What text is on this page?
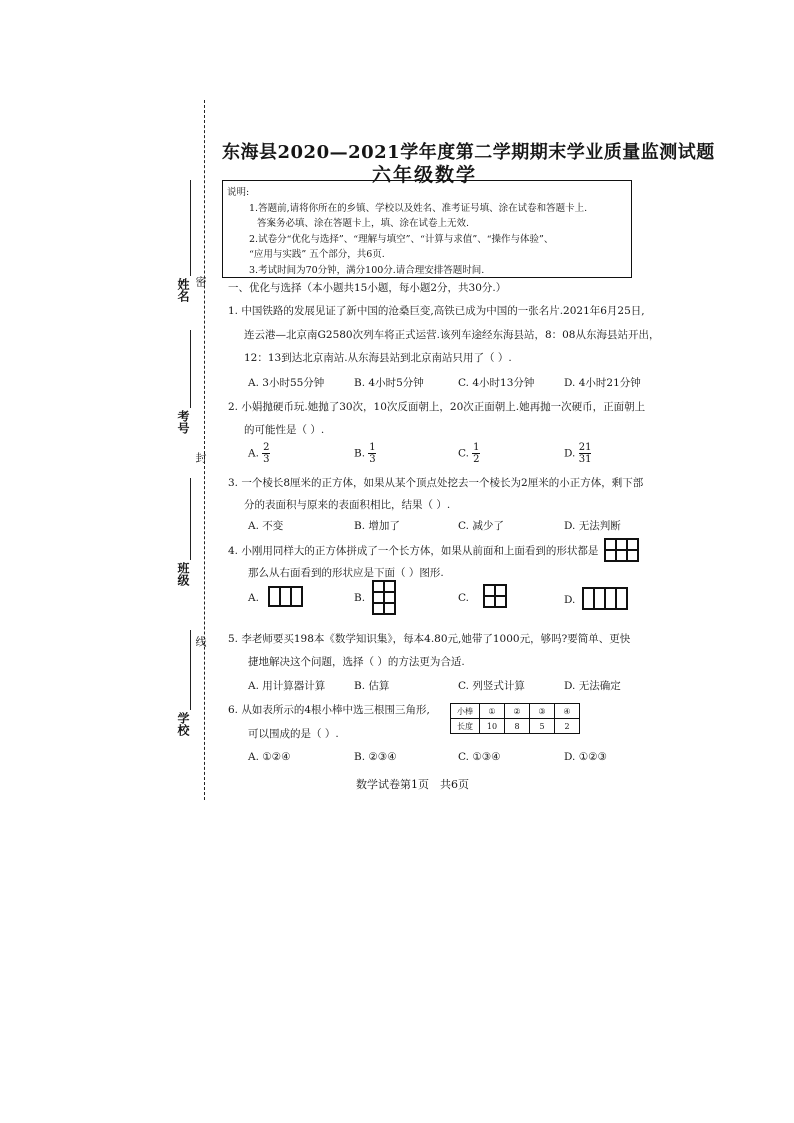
姓名 密
考号
封
班级
线
学校
东海县2020—2021学年度第二学期期末学业质量监测试题
六年级数学
说明:
1.答题前,请将你所在的乡镇、学校以及姓名、准考证号填、涂在试卷和答题卡上.
答案务必填、涂在答题卡上，填、涂在试卷上无效.
2.试卷分“优化与选择”、“理解与填空”、“计算与求值”、“操作与体验”、
“应用与实践” 五个部分，共6页.
3.考试时间为70分钟，满分100分.请合理安排答题时间.
一、优化与选择（本小题共15小题，每小题2分，共30分.）
1. 中国铁路的发展见证了新中国的沧桑巨变,高铁已成为中国的一张名片.2021年6月25日,
连云港—北京南G2580次列车将正式运营.该列车途经东海县站，8：08从东海县站开出，
12：13到达北京南站.从东海县站到北京南站只用了（ ）.
A. 3小时55分钟	B. 4小时5分钟	C. 4小时13分钟	D. 4小时21分钟
2. 小娟抛硬币玩.她抛了30次，10次反面朝上，20次正面朝上.她再抛一次硬币，正面朝上
的可能性是（ ）.
A. $\frac{2}{3}$	B. $\frac{1}{3}$	C. $\frac{1}{2}$	D. $\frac{21}{31}$
3. 一个棱长8厘米的正方体，如果从某个顶点处挖去一个棱长为2厘米的小正方体，剩下部
分的表面积与原来的表面积相比，结果（ ）.
A. 不变	B. 增加了	C. 减少了	D. 无法判断
4. 小刚用同样大的正方体拼成了一个长方体，如果从前面和上面看到的形状都是
那么从右面看到的形状应是下面（ ）图形.
A.	B.	C.	D.
5. 李老师要买198本《数学知识集》，每本4.80元,她带了1000元，够吗?要简单、更快
捷地解决这个问题，选择（ ）的方法更为合适.
A. 用计算器计算	B. 估算	C. 列竖式计算	D. 无法确定
6. 从如表所示的4根小棒中选三根围三角形,
可以围成的是（ ）.
小棒	①	②	③	④
长度	10	8	5	2
A. ①②④	B. ②③④	C. ①③④	D. ①②③
数学试卷第1页　共6页
